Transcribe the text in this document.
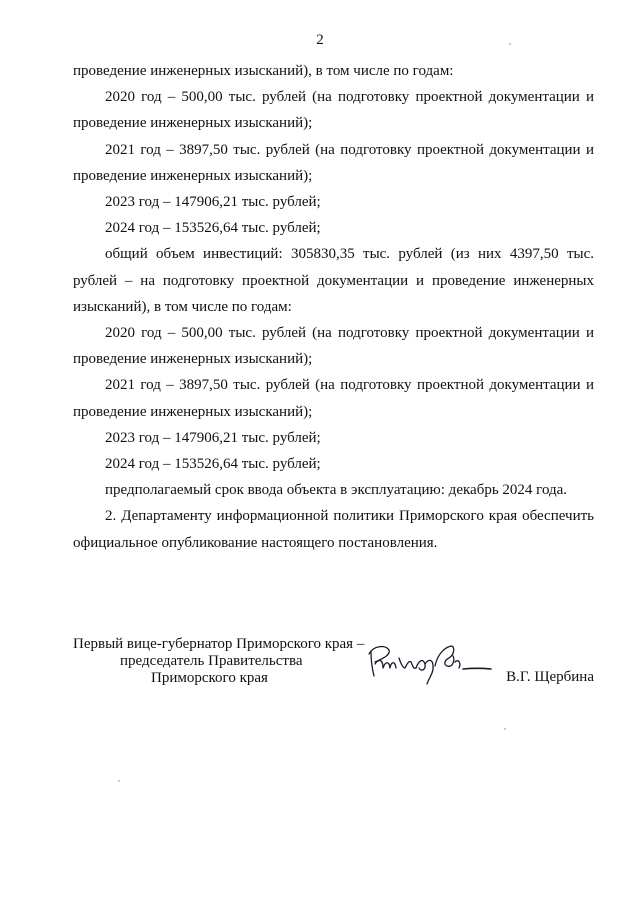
2

проведение инженерных изысканий), в том числе по годам:

2020 год – 500,00 тыс. рублей (на подготовку проектной документации и проведение инженерных изысканий);

2021 год – 3897,50 тыс. рублей (на подготовку проектной документации и проведение инженерных изысканий);

2023 год – 147906,21 тыс. рублей;

2024 год – 153526,64 тыс. рублей;

общий объем инвестиций: 305830,35 тыс. рублей (из них 4397,50 тыс. рублей – на подготовку проектной документации и проведение инженерных изысканий), в том числе по годам:

2020 год – 500,00 тыс. рублей (на подготовку проектной документации и проведение инженерных изысканий);

2021 год – 3897,50 тыс. рублей (на подготовку проектной документации и проведение инженерных изысканий);

2023 год – 147906,21 тыс. рублей;

2024 год – 153526,64 тыс. рублей;

предполагаемый срок ввода объекта в эксплуатацию: декабрь 2024 года.

2. Департаменту информационной политики Приморского края обеспечить официальное опубликование настоящего постановления.

Первый вице-губернатор Приморского края –
председатель Правительства
Приморского края	В.Г. Щербина
